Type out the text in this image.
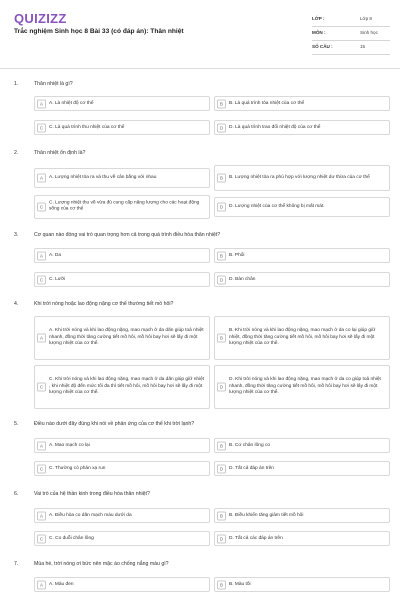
QUIZIZZ
Trắc nghiệm Sinh học 8 Bài 33 (có đáp án): Thân nhiệt
LỚP :	Lớp 8
MÔN :	Sinh học
SỐ CÂU :	15
1.	Thân nhiệt là gì?
A	A. Là nhiệt độ cơ thể	B	B. Là quá trình tỏa nhiệt của cơ thể
C	C. Là quá trình thu nhiệt của cơ thể	D	D. Là quá trình trao đổi nhiệt độ của cơ thể
2.	Thân nhiệt ổn định là?
A	A. Lượng nhiệt tỏa ra và thu về cân bằng với nhau	B	B. Lượng nhiệt tỏa ra phù hợp với lượng nhiệt dư thừa của cơ thể
C
C. Lượng nhiệt thu về vừa đủ cung cấp năng lượng cho các hoạt động sống của cơ thể	D	D. Lượng nhiệt của cơ thể không bị mất mát.
3.	Cơ quan nào đóng vai trò quan trọng hơn cả trong quá trình điều hòa thân nhiệt?
A	A. Da	B	B. Phổi
C	C. Lưỡi	D	D. Bàn chân
4.	Khi trời nóng hoặc lao động nặng cơ thể thường tiết mồ hôi?
A
A. Khi trời nóng và khi lao động nặng, mao mạch ở da dãn giúp toả nhiệt nhanh, đồng thời tăng cường tiết mồ hôi, mồ hôi bay hơi sẽ lấy đi một lượng nhiệt của cơ thể.
B
B. Khi trời nóng và khi lao động nặng, mao mạch ở da co lại giúp giữ nhiệt, đồng thời tăng cường tiết mồ hôi, mồ hôi bay hơi sẽ lấy đi một lượng nhiệt của cơ thể.
C
C. Khi trời nóng và khi lao động nặng, mao mạch ở da dãn giúp giữ nhiệt , khi nhiệt độ đến mức tối đa thì tiết mồ hôi, mồ hôi bay hơi sẽ lấy đi một lượng nhiệt của cơ thể.
D
D. Khi trời nóng và khi lao động nặng, mao mạch ở da co giúp toả nhiệt nhanh, đồng thời tăng cường tiết mồ hôi, mồ hôi bay hơi sẽ lấy đi một lượng nhiệt của cơ thể.
5.	Điều nào dưới đây đúng khi nói về phản ứng của cơ thể khi trời lạnh?
A	A. Mao mạch co lại	B	B. Cơ chân lông co
C	C. Thường có phản xạ run	D	D. Tất cả đáp án trên
6.	Vai trò của hệ thần kinh trong điều hòa thân nhiệt?
A	A. Điều hòa co dãn mạch máu dưới da	B	B. Điều khiển tăng giảm tiết mồ hôi
C	C. Co duỗi chân lông	D	D. Tất cả các đáp án trên
7.	Mùa hè, trời nóng ơi bức nên mặc áo chống nắng màu gì?
A	A. Màu đen	B	B. Màu tối
